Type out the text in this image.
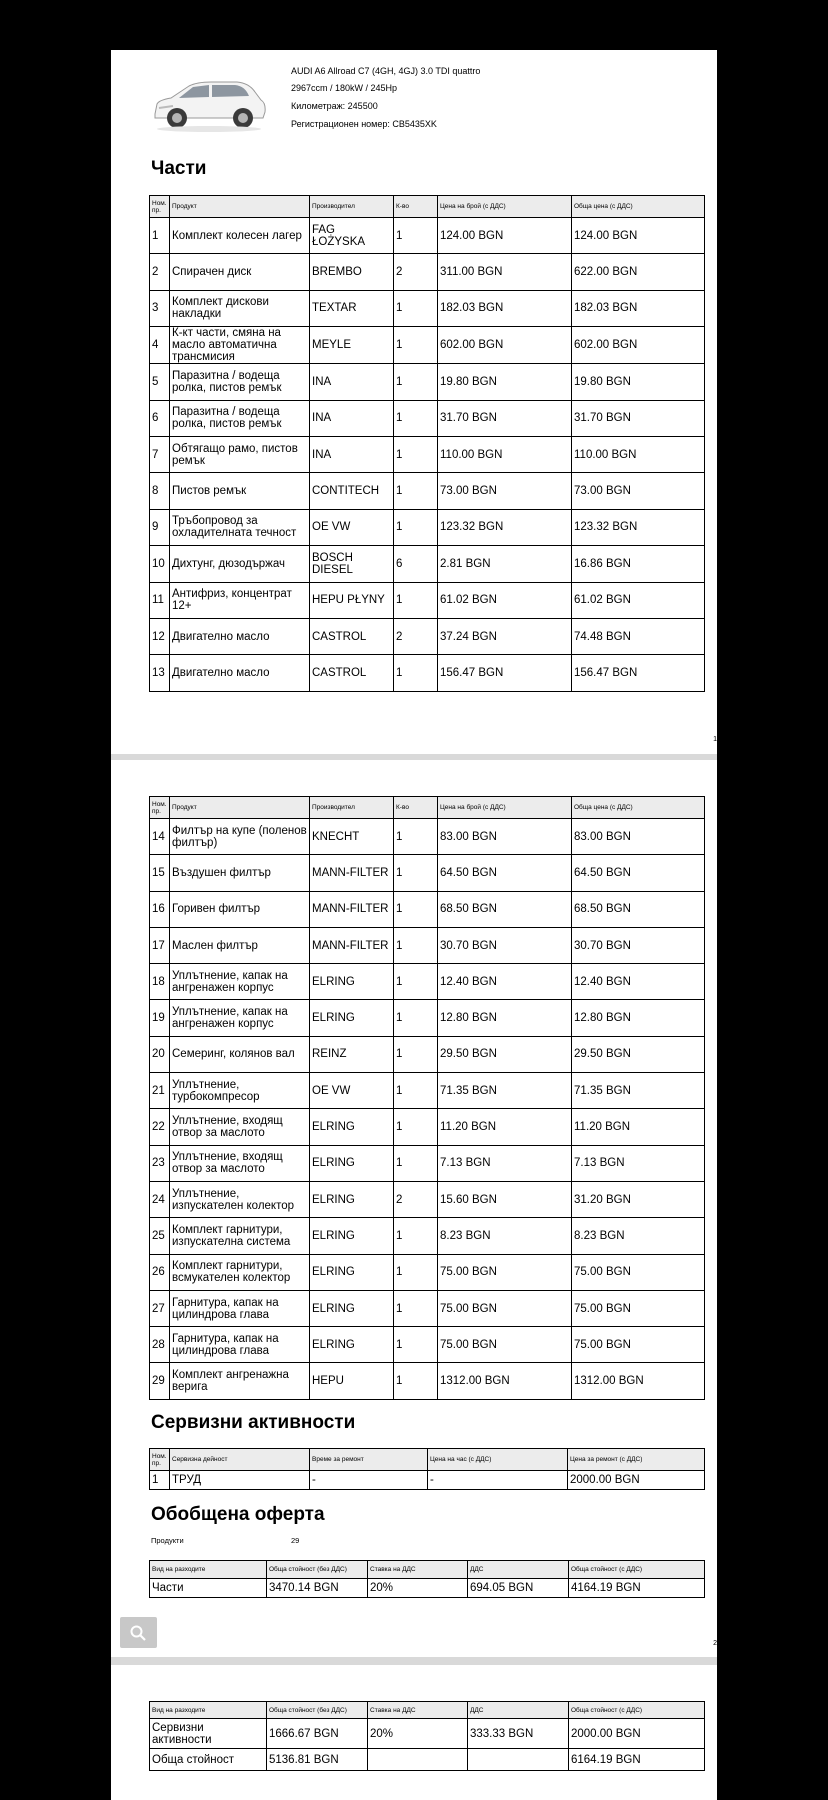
AUDI A6 Allroad C7 (4GH, 4GJ) 3.0 TDI quattro
2967ccm / 180kW / 245Hp
Километраж: 245500
Регистрационен номер: CB5435XK
Части
Ном. пр.	Продукт	Производител	К-во	Цена на брой (с ДДС)	Обща цена (с ДДС)
1	Комплект колесен лагер	FAG ŁOŻYSKA	1	124.00 BGN	124.00 BGN
2	Спирачен диск	BREMBO	2	311.00 BGN	622.00 BGN
3	Комплект дискови накладки	TEXTAR	1	182.03 BGN	182.03 BGN
4	К-кт части, смяна на масло автоматична трансмисия	MEYLE	1	602.00 BGN	602.00 BGN
5	Паразитна / водеща ролка, пистов ремък	INA	1	19.80 BGN	19.80 BGN
6	Паразитна / водеща ролка, пистов ремък	INA	1	31.70 BGN	31.70 BGN
7	Обтягащо рамо, пистов ремък	INA	1	110.00 BGN	110.00 BGN
8	Пистов ремък	CONTITECH	1	73.00 BGN	73.00 BGN
9	Тръбопровод за охладителната течност	OE VW	1	123.32 BGN	123.32 BGN
10	Дихтунг, дюзодържач	BOSCH DIESEL	6	2.81 BGN	16.86 BGN
11	Антифриз, концентрат 12+	HEPU PŁYNY	1	61.02 BGN	61.02 BGN
12	Двигателно масло	CASTROL	2	37.24 BGN	74.48 BGN
13	Двигателно масло	CASTROL	1	156.47 BGN	156.47 BGN
1
Ном. пр.	Продукт	Производител	К-во	Цена на брой (с ДДС)	Обща цена (с ДДС)
14	Филтър на купе (поленов филтър)	KNECHT	1	83.00 BGN	83.00 BGN
15	Въздушен филтър	MANN-FILTER	1	64.50 BGN	64.50 BGN
16	Горивен филтър	MANN-FILTER	1	68.50 BGN	68.50 BGN
17	Маслен филтър	MANN-FILTER	1	30.70 BGN	30.70 BGN
18	Уплътнение, капак на ангренажен корпус	ELRING	1	12.40 BGN	12.40 BGN
19	Уплътнение, капак на ангренажен корпус	ELRING	1	12.80 BGN	12.80 BGN
20	Семеринг, колянов вал	REINZ	1	29.50 BGN	29.50 BGN
21	Уплътнение, турбокомпресор	OE VW	1	71.35 BGN	71.35 BGN
22	Уплътнение, входящ отвор за маслото	ELRING	1	11.20 BGN	11.20 BGN
23	Уплътнение, входящ отвор за маслото	ELRING	1	7.13 BGN	7.13 BGN
24	Уплътнение, изпускателен колектор	ELRING	2	15.60 BGN	31.20 BGN
25	Комплект гарнитури, изпускателна система	ELRING	1	8.23 BGN	8.23 BGN
26	Комплект гарнитури, всмукателен колектор	ELRING	1	75.00 BGN	75.00 BGN
27	Гарнитура, капак на цилиндрова глава	ELRING	1	75.00 BGN	75.00 BGN
28	Гарнитура, капак на цилиндрова глава	ELRING	1	75.00 BGN	75.00 BGN
29	Комплект ангренажна верига	HEPU	1	1312.00 BGN	1312.00 BGN
Сервизни активности
Ном. пр.	Сервизна дейност	Време за ремонт	Цена на час (с ДДС)	Цена за ремонт (с ДДС)
1	ТРУД	-	-	2000.00 BGN
Обобщена оферта
Продукти	29
Вид на разходите	Обща стойност (без ДДС)	Ставка на ДДС	ДДС	Обща стойност (с ДДС)
Части	3470.14 BGN	20%	694.05 BGN	4164.19 BGN
2
Вид на разходите	Обща стойност (без ДДС)	Ставка на ДДС	ДДС	Обща стойност (с ДДС)
Сервизни активности	1666.67 BGN	20%	333.33 BGN	2000.00 BGN
Обща стойност	5136.81 BGN			6164.19 BGN
